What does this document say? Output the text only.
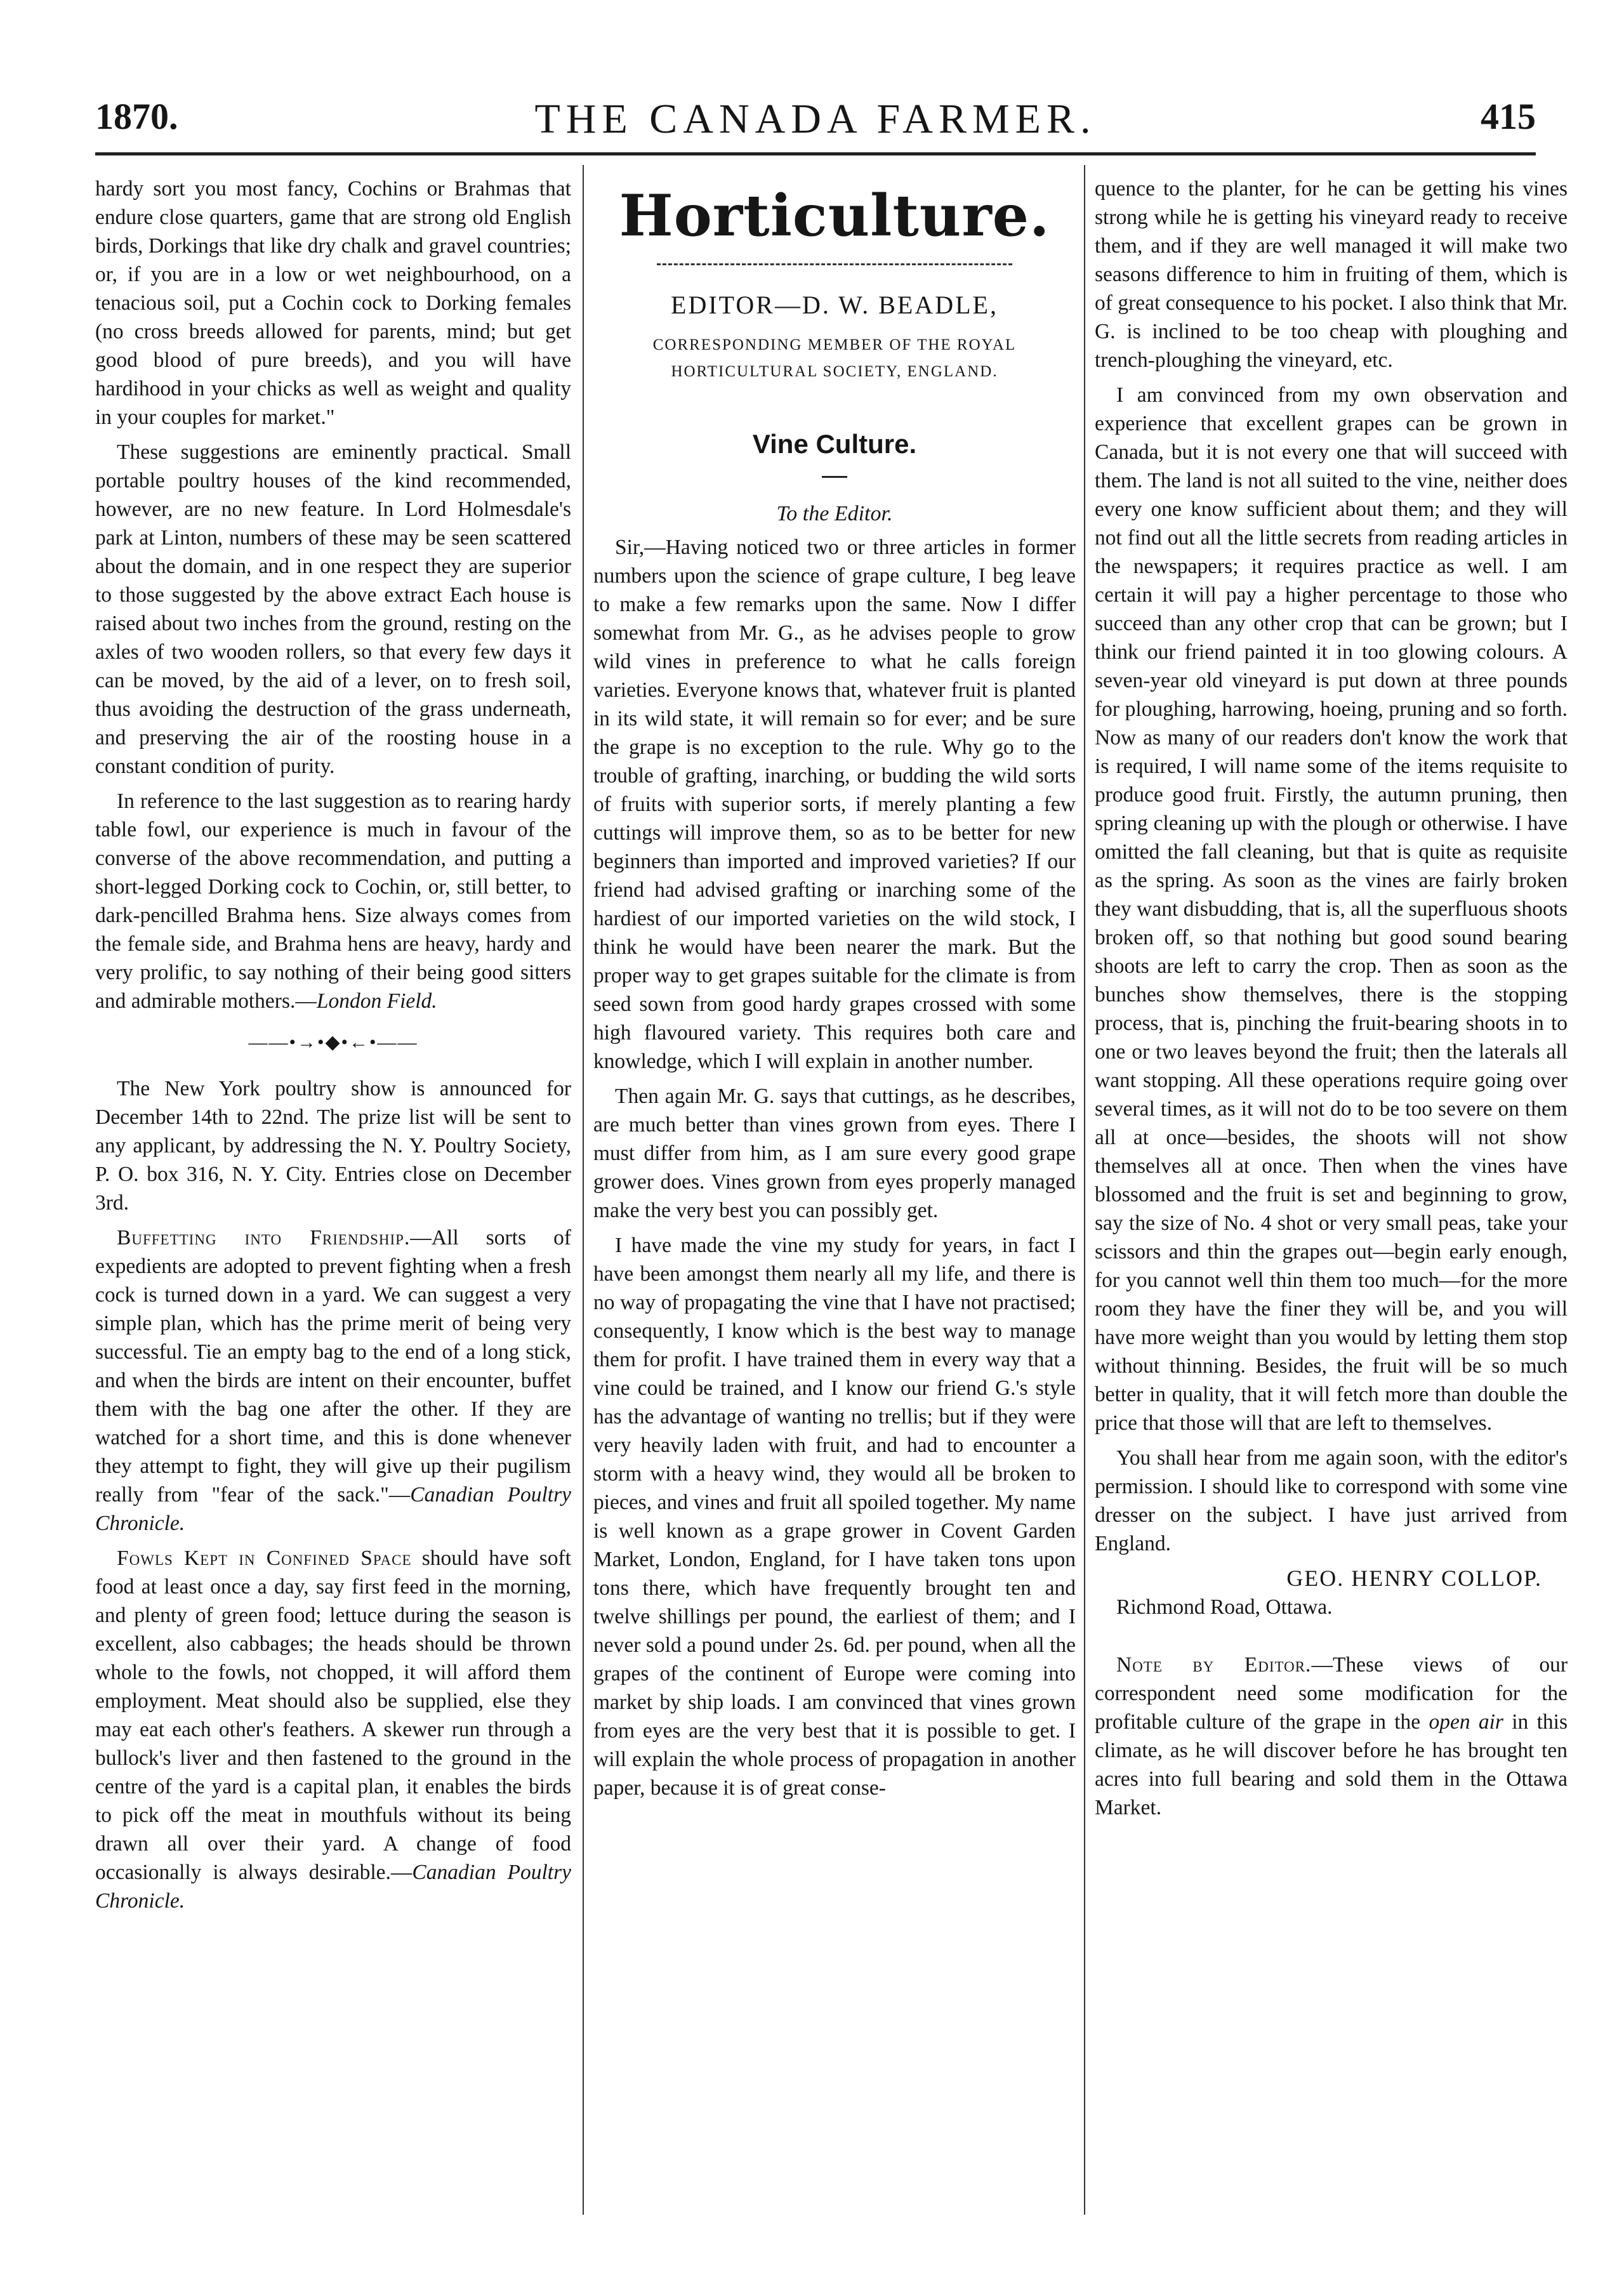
1870.	THE CANADA FARMER.	415

hardy sort you most fancy, Cochins or Brahmas that endure close quarters, game that are strong old English birds, Dorkings that like dry chalk and gravel countries; or, if you are in a low or wet neighbourhood, on a tenacious soil, put a Cochin cock to Dorking females (no cross breeds allowed for parents, mind; but get good blood of pure breeds), and you will have hardihood in your chicks as well as weight and quality in your couples for market."

These suggestions are eminently practical. Small portable poultry houses of the kind recommended, however, are no new feature. In Lord Holmesdale's park at Linton, numbers of these may be seen scattered about the domain, and in one respect they are superior to those suggested by the above extract Each house is raised about two inches from the ground, resting on the axles of two wooden rollers, so that every few days it can be moved, by the aid of a lever, on to fresh soil, thus avoiding the destruction of the grass underneath, and preserving the air of the roosting house in a constant condition of purity.

In reference to the last suggestion as to rearing hardy table fowl, our experience is much in favour of the converse of the above recommendation, and putting a short-legged Dorking cock to Cochin, or, still better, to dark-pencilled Brahma hens. Size always comes from the female side, and Brahma hens are heavy, hardy and very prolific, to say nothing of their being good sitters and admirable mothers.—London Field.

——•→•◆•←•——

The New York poultry show is announced for December 14th to 22nd. The prize list will be sent to any applicant, by addressing the N. Y. Poultry Society, P. O. box 316, N. Y. City. Entries close on December 3rd.

Buffetting into Friendship.—All sorts of expedients are adopted to prevent fighting when a fresh cock is turned down in a yard. We can suggest a very simple plan, which has the prime merit of being very successful. Tie an empty bag to the end of a long stick, and when the birds are intent on their encounter, buffet them with the bag one after the other. If they are watched for a short time, and this is done whenever they attempt to fight, they will give up their pugilism really from "fear of the sack."—Canadian Poultry Chronicle.

Fowls Kept in Confined Space should have soft food at least once a day, say first feed in the morning, and plenty of green food; lettuce during the season is excellent, also cabbages; the heads should be thrown whole to the fowls, not chopped, it will afford them employment. Meat should also be supplied, else they may eat each other's feathers. A skewer run through a bullock's liver and then fastened to the ground in the centre of the yard is a capital plan, it enables the birds to pick off the meat in mouthfuls without its being drawn all over their yard. A change of food occasionally is always desirable.—Canadian Poultry Chronicle.

Horticulture.
EDITOR—D. W. BEADLE,
CORRESPONDING MEMBER OF THE ROYAL HORTICULTURAL SOCIETY, ENGLAND.
Vine Culture.
To the Editor.

Sir,—Having noticed two or three articles in former numbers upon the science of grape culture, I beg leave to make a few remarks upon the same. Now I differ somewhat from Mr. G., as he advises people to grow wild vines in preference to what he calls foreign varieties. Everyone knows that, whatever fruit is planted in its wild state, it will remain so for ever; and be sure the grape is no exception to the rule. Why go to the trouble of grafting, inarching, or budding the wild sorts of fruits with superior sorts, if merely planting a few cuttings will improve them, so as to be better for new beginners than imported and improved varieties? If our friend had advised grafting or inarching some of the hardiest of our imported varieties on the wild stock, I think he would have been nearer the mark. But the proper way to get grapes suitable for the climate is from seed sown from good hardy grapes crossed with some high flavoured variety. This requires both care and knowledge, which I will explain in another number.

Then again Mr. G. says that cuttings, as he describes, are much better than vines grown from eyes. There I must differ from him, as I am sure every good grape grower does. Vines grown from eyes properly managed make the very best you can possibly get.

I have made the vine my study for years, in fact I have been amongst them nearly all my life, and there is no way of propagating the vine that I have not practised; consequently, I know which is the best way to manage them for profit. I have trained them in every way that a vine could be trained, and I know our friend G.'s style has the advantage of wanting no trellis; but if they were very heavily laden with fruit, and had to encounter a storm with a heavy wind, they would all be broken to pieces, and vines and fruit all spoiled together. My name is well known as a grape grower in Covent Garden Market, London, England, for I have taken tons upon tons there, which have frequently brought ten and twelve shillings per pound, the earliest of them; and I never sold a pound under 2s. 6d. per pound, when all the grapes of the continent of Europe were coming into market by ship loads. I am convinced that vines grown from eyes are the very best that it is possible to get. I will explain the whole process of propagation in another paper, because it is of great conse-

quence to the planter, for he can be getting his vines strong while he is getting his vineyard ready to receive them, and if they are well managed it will make two seasons difference to him in fruiting of them, which is of great consequence to his pocket. I also think that Mr. G. is inclined to be too cheap with ploughing and trench-ploughing the vineyard, etc.

I am convinced from my own observation and experience that excellent grapes can be grown in Canada, but it is not every one that will succeed with them. The land is not all suited to the vine, neither does every one know sufficient about them; and they will not find out all the little secrets from reading articles in the newspapers; it requires practice as well. I am certain it will pay a higher percentage to those who succeed than any other crop that can be grown; but I think our friend painted it in too glowing colours. A seven-year old vineyard is put down at three pounds for ploughing, harrowing, hoeing, pruning and so forth. Now as many of our readers don't know the work that is required, I will name some of the items requisite to produce good fruit. Firstly, the autumn pruning, then spring cleaning up with the plough or otherwise. I have omitted the fall cleaning, but that is quite as requisite as the spring. As soon as the vines are fairly broken they want disbudding, that is, all the superfluous shoots broken off, so that nothing but good sound bearing shoots are left to carry the crop. Then as soon as the bunches show themselves, there is the stopping process, that is, pinching the fruit-bearing shoots in to one or two leaves beyond the fruit; then the laterals all want stopping. All these operations require going over several times, as it will not do to be too severe on them all at once—besides, the shoots will not show themselves all at once. Then when the vines have blossomed and the fruit is set and beginning to grow, say the size of No. 4 shot or very small peas, take your scissors and thin the grapes out—begin early enough, for you cannot well thin them too much—for the more room they have the finer they will be, and you will have more weight than you would by letting them stop without thinning. Besides, the fruit will be so much better in quality, that it will fetch more than double the price that those will that are left to themselves.

You shall hear from me again soon, with the editor's permission. I should like to correspond with some vine dresser on the subject. I have just arrived from England.

GEO. HENRY COLLOP.
Richmond Road, Ottawa.

Note by Editor.—These views of our correspondent need some modification for the profitable culture of the grape in the open air in this climate, as he will discover before he has brought ten acres into full bearing and sold them in the Ottawa Market.
